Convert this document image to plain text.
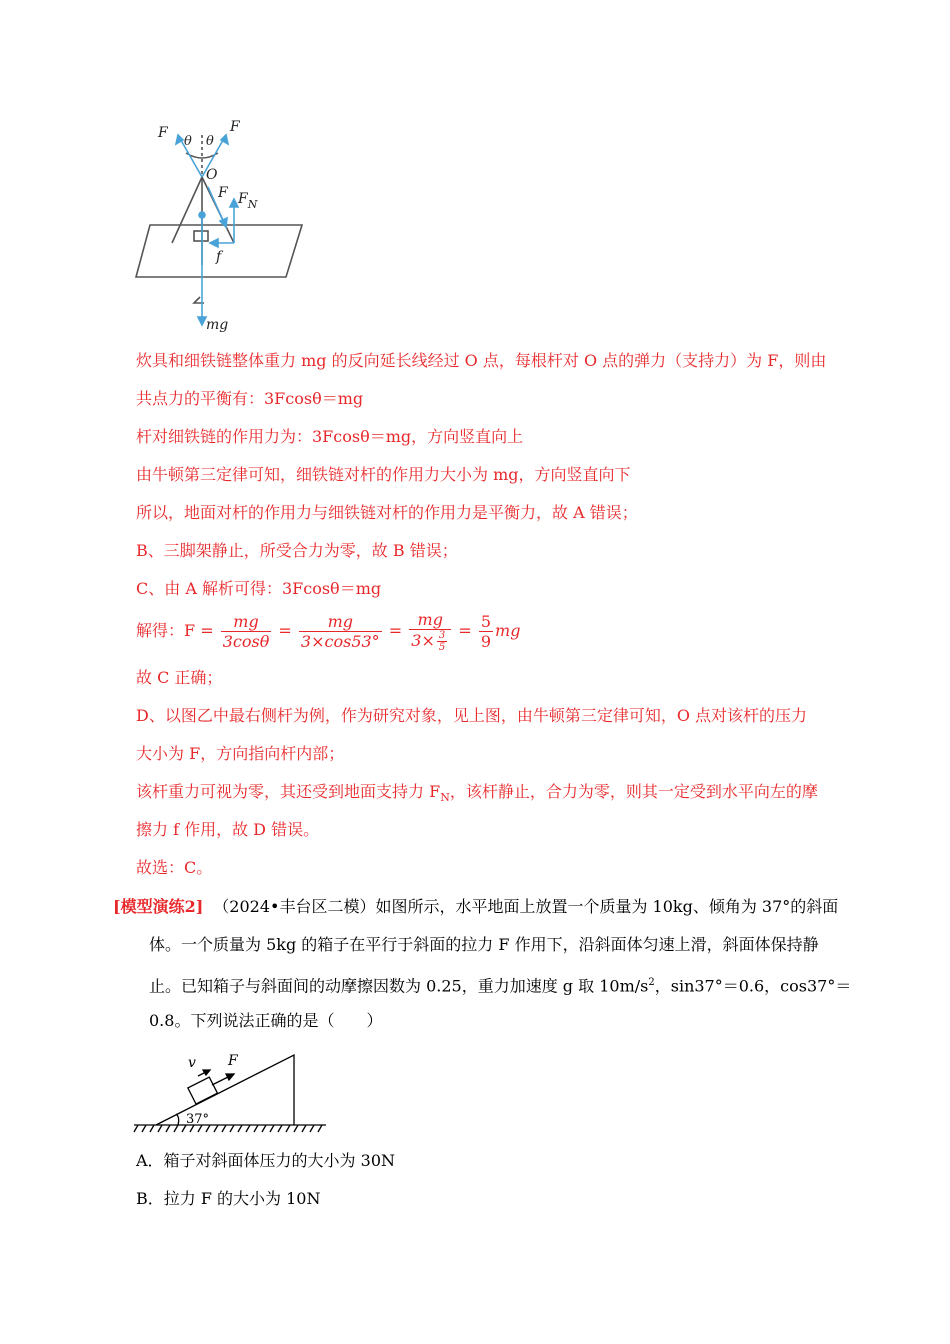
F	F
θ θ
O
F $F_N$
f
mg
炊具和细铁链整体重力 mg 的反向延长线经过 O 点，每根杆对 O 点的弹力（支持力）为 F，则由
共点力的平衡有：3Fcosθ＝mg
杆对细铁链的作用力为：3Fcosθ＝mg，方向竖直向上
由牛顿第三定律可知，细铁链对杆的作用力大小为 mg，方向竖直向下
所以，地面对杆的作用力与细铁链对杆的作用力是平衡力，故 A 错误；
B、三脚架静止，所受合力为零，故 B 错误；
C、由 A 解析可得：3Fcosθ＝mg
解得：$F = \frac{mg}{3\cos\theta} = \frac{mg}{3\times\cos 53^\circ} = \frac{mg}{3\times \frac{3}{5}} = \frac{5}{9}$ mg
故 C 正确；
D、以图乙中最右侧杆为例，作为研究对象，见上图，由牛顿第三定律可知，O 点对该杆的压力
大小为 F，方向指向杆内部；
该杆重力可视为零，其还受到地面支持力 $F_N$，该杆静止，合力为零，则其一定受到水平向左的摩
擦力 f 作用，故 D 错误。
故选：C。
[模型演练2] （2024•丰台区二模）如图所示，水平地面上放置一个质量为 10kg、倾角为 37°的斜面
体。一个质量为 5kg 的箱子在平行于斜面的拉力 F 作用下，沿斜面体匀速上滑，斜面体保持静
止。已知箱子与斜面间的动摩擦因数为 0.25，重力加速度 g 取 $10m/s^2$，sin37°＝0.6，cos37°＝
0.8。下列说法正确的是（　　）
v F
37°
A．箱子对斜面体压力的大小为 30N
B．拉力 F 的大小为 10N
